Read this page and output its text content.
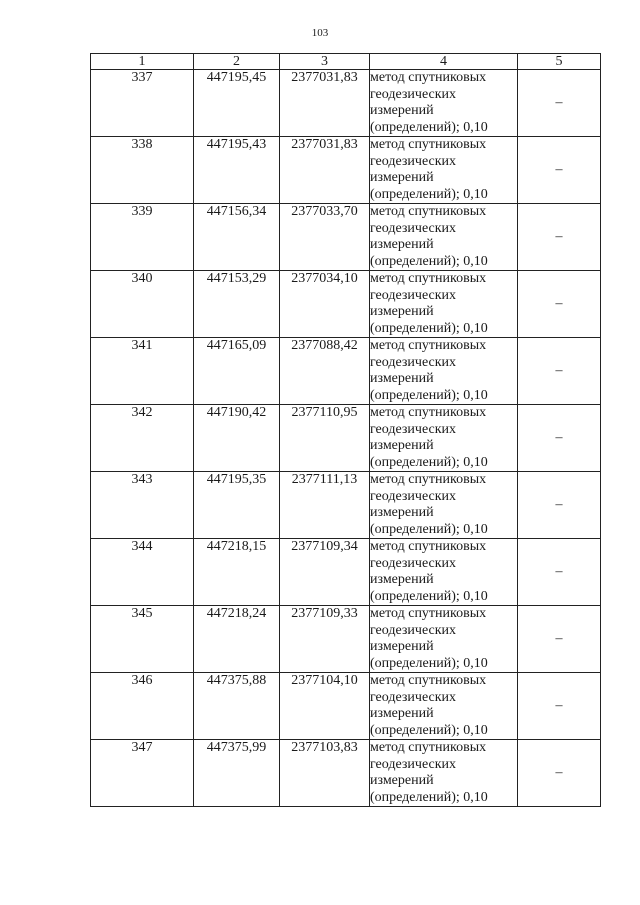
103
1	2	3	4	5
337	447195,45	2377031,83	метод спутниковых
геодезических
измерений
(определений); 0,10	–
338	447195,43	2377031,83	метод спутниковых
геодезических
измерений
(определений); 0,10	–
339	447156,34	2377033,70	метод спутниковых
геодезических
измерений
(определений); 0,10	–
340	447153,29	2377034,10	метод спутниковых
геодезических
измерений
(определений); 0,10	–
341	447165,09	2377088,42	метод спутниковых
геодезических
измерений
(определений); 0,10	–
342	447190,42	2377110,95	метод спутниковых
геодезических
измерений
(определений); 0,10	–
343	447195,35	2377111,13	метод спутниковых
геодезических
измерений
(определений); 0,10	–
344	447218,15	2377109,34	метод спутниковых
геодезических
измерений
(определений); 0,10	–
345	447218,24	2377109,33	метод спутниковых
геодезических
измерений
(определений); 0,10	–
346	447375,88	2377104,10	метод спутниковых
геодезических
измерений
(определений); 0,10	–
347	447375,99	2377103,83	метод спутниковых
геодезических
измерений
(определений); 0,10	–
